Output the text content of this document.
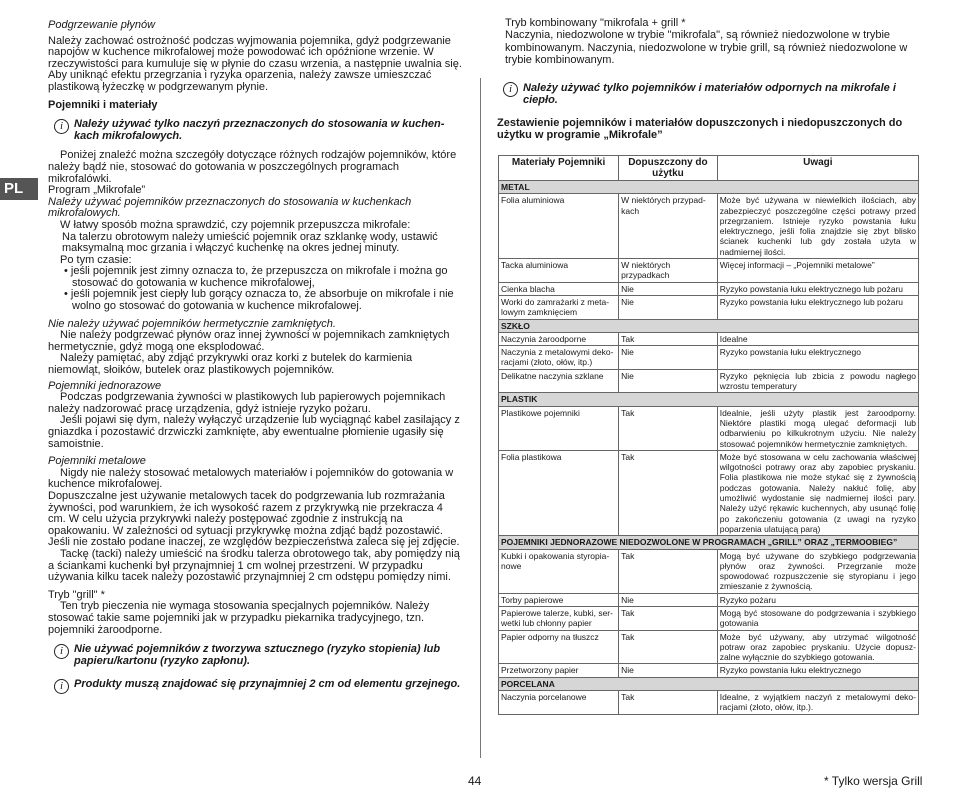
PL

Podgrzewanie płynów

Należy zachować ostrożność podczas wyjmowania pojemnika, gdyż podgrzewanie napojów w kuchence mikrofalowej może powodować ich opóźnione wrzenie. W rzeczywistości para kumuluje się w płynie do czasu wrzenia, a następnie uwalnia się. Aby uniknąć efektu przegrzania i ryzyka oparzenia, należy zawsze umieszczać plastikową łyżeczkę w podgrzewanym płynie.

Pojemniki i materiały

i Należy używać tylko naczyń przeznaczonych do stosowania w kuchenkach mikrofalowych.

Poniżej znaleźć można szczegóły dotyczące różnych rodzajów pojemników, które należy bądź nie, stosować do gotowania w poszczególnych programach mikrofalówki.

Program „Mikrofale”

Należy używać pojemników przeznaczonych do stosowania w kuchenkach mikrofalowych.

W łatwy sposób można sprawdzić, czy pojemnik przepuszcza mikrofale:

Na talerzu obrotowym należy umieścić pojemnik oraz szklankę wody, ustawić maksymalną moc grzania i włączyć kuchenkę na okres jednej minuty.

Po tym czasie:

• jeśli pojemnik jest zimny oznacza to, że przepuszcza on mikrofale i można go stosować do gotowania w kuchence mikrofalowej,

• jeśli pojemnik jest ciepły lub gorący oznacza to, że absorbuje on mikrofale i nie wolno go stosować do gotowania w kuchence mikrofalowej.

Nie należy używać pojemników hermetycznie zamkniętych.

Nie należy podgrzewać płynów oraz innej żywności w pojemnikach zamkniętych hermetycznie, gdyż mogą one eksplodować.

Należy pamiętać, aby zdjąć przykrywki oraz korki z butelek do karmienia niemowląt, słoików, butelek oraz plastikowych pojemników.

Pojemniki jednorazowe

Podczas podgrzewania żywności w plastikowych lub papierowych pojemnikach należy nadzorować pracę urządzenia, gdyż istnieje ryzyko pożaru.

Jeśli pojawi się dym, należy wyłączyć urządzenie lub wyciągnąć kabel zasilający z gniazdka i pozostawić drzwiczki zamknięte, aby ewentualne płomienie ugasiły się samoistnie.

Pojemniki metalowe

Nigdy nie należy stosować metalowych materiałów i pojemników do gotowania w kuchence mikrofalowej.

Dopuszczalne jest używanie metalowych tacek do podgrzewania lub rozmrażania żywności, pod warunkiem, że ich wysokość razem z przykrywką nie przekracza 4 cm. W celu użycia przykrywki należy postępować zgodnie z instrukcją na opakowaniu. W zależności od sytuacji przykrywkę można zdjąć bądź pozostawić. Jeśli nie zostało podane inaczej, ze względów bezpieczeństwa zaleca się jej zdjęcie.

Tackę (tacki) należy umieścić na środku talerza obrotowego tak, aby pomiędzy nią a ściankami kuchenki był przynajmniej 1 cm wolnej przestrzeni. W przypadku używania kilku tacek należy pozostawić przynajmniej 2 cm odstępu pomiędzy nimi.

Tryb "grill" *

Ten tryb pieczenia nie wymaga stosowania specjalnych pojemników. Należy stosować takie same pojemniki jak w przypadku piekarnika tradycyjnego, tzn. pojemniki żaroodporne.

i Nie używać pojemników z tworzywa sztucznego (ryzyko stopienia) lub papieru/kartonu (ryzyko zapłonu).

i Produkty muszą znajdować się przynajmniej 2 cm od elementu grzejnego.

Tryb kombinowany "mikrofala + grill *

Naczynia, niedozwolone w trybie "mikrofala", są również niedozwolone w trybie kombinowanym. Naczynia, niedozwolone w trybie grill, są również niedozwolone w trybie kombinowanym.

i Należy używać tylko pojemników i materiałów odpornych na mikrofale i ciepło.

Zestawienie pojemników i materiałów dopuszczonych i niedopuszczonych do użytku w programie „Mikrofale”

Materiały Pojemniki	Dopuszczony do użytku	Uwagi
METAL		
Folia aluminiowa	W niektórych przypadkach	Może być używana w niewielkich ilościach, aby zabezpieczyć poszczególne części potrawy przed przegrzaniem. Istnieje ryzyko powstania łuku elektrycznego, jeśli folia znajdzie się zbyt blisko ścianek kuchenki lub gdy została użyta w nadmiernej ilości.
Tacka aluminiowa	W niektórych przypadkach	Więcej informacji – „Pojemniki metalowe”
Cienka blacha	Nie	Ryzyko powstania łuku elektrycznego lub pożaru
Worki do zamrażarki z metalowym zamknięciem	Nie	Ryzyko powstania łuku elektrycznego lub pożaru
SZKŁO		
Naczynia żaroodporne	Tak	Idealne
Naczynia z metalowymi dekoracjami (złoto, ołów, itp.)	Nie	Ryzyko powstania łuku elektrycznego
Delikatne naczynia szklane	Nie	Ryzyko pęknięcia lub zbicia z powodu nagłego wzrostu temperatury
PLASTIK		
Plastikowe pojemniki	Tak	Idealnie, jeśli użyty plastik jest żaroodporny. Niektóre plastiki mogą ulegać deformacji lub odbarwieniu po kilkukrotnym użyciu. Nie należy stosować pojemników hermetycznie zamkniętych.
Folia plastikowa	Tak	Może być stosowana w celu zachowania właściwej wilgotności potrawy oraz aby zapobiec pryskaniu. Folia plastikowa nie może stykać się z żywnością podczas gotowania. Należy nakłuć folię, aby umożliwić wydostanie się nadmiernej ilości pary. Należy użyć rękawic kuchennych, aby usunąć folię po zakończeniu gotowania (z uwagi na ryzyko poparzenia ulatującą parą)
POJEMNIKI JEDNORAZOWE NIEDOZWOLONE W PROGRAMACH „GRILL” ORAZ „TERMOOBIEG”		
Kubki i opakowania styropianowe	Tak	Mogą być używane do szybkiego podgrzewania płynów oraz żywności. Przegrzanie może spowodować rozpuszczenie się styropianu i jego zmieszanie z żywnością.
Torby papierowe	Nie	Ryzyko pożaru
Papierowe talerze, kubki, serwetki lub chłonny papier	Tak	Mogą być stosowane do podgrzewania i szybkiego gotowania
Papier odporny na tłuszcz	Tak	Może być używany, aby utrzymać wilgotność potraw oraz zapobiec pryskaniu. Użycie dopuszzalne wyłącznie do szybkiego gotowania.
Przetworzony papier	Nie	Ryzyko powstania łuku elektrycznego
PORCELANA		
Naczynia porcelanowe	Tak	Idealne, z wyjątkiem naczyń z metalowymi dekoracjami (złoto, ołów, itp.).
44	* Tylko wersja Grill
